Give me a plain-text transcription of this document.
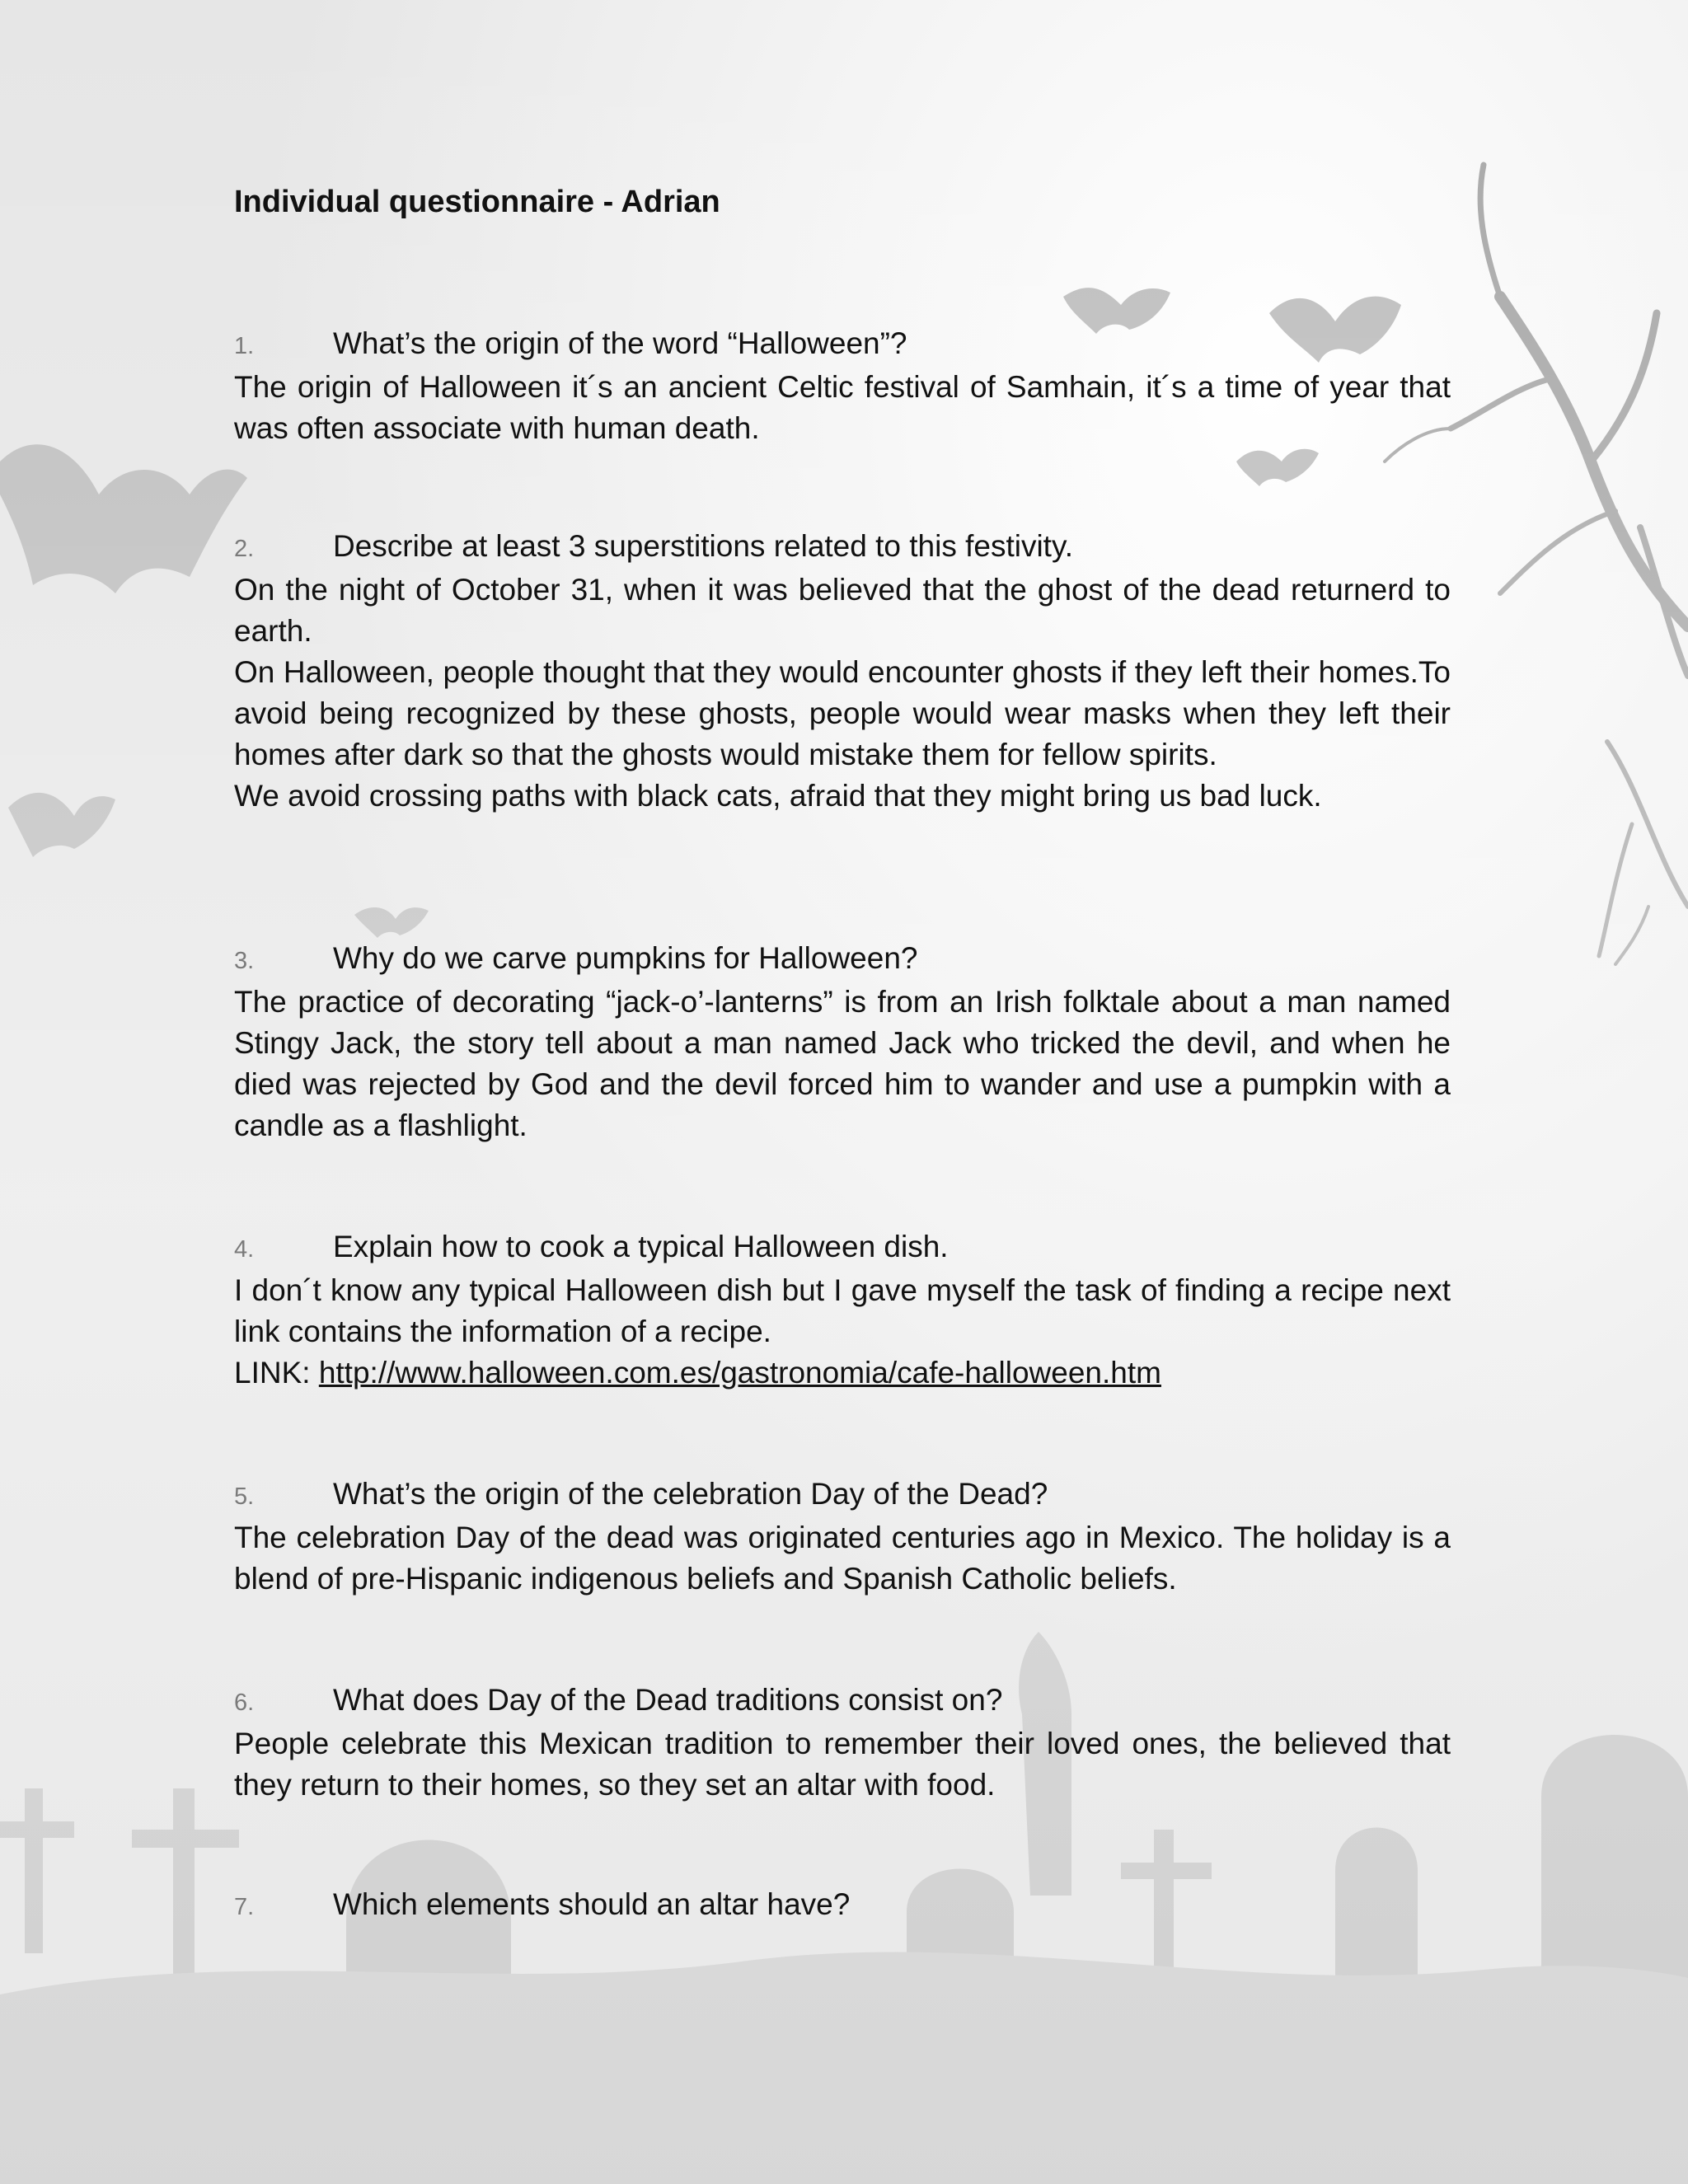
Individual questionnaire - Adrian
1.	What’s the origin of the word “Halloween”?

The origin of Halloween it´s an ancient Celtic festival of Samhain, it´s a time of year that was often associate with human death.

2.	Describe at least 3 superstitions related to this festivity.

On the night of October 31, when it was believed that the ghost of the dead returnerd to earth.

On Halloween, people thought that they would encounter ghosts if they left their homes.To avoid being recognized by these ghosts, people would wear masks when they left their homes after dark so that the ghosts would mistake them for fellow spirits.

We avoid crossing paths with black cats, afraid that they might bring us bad luck.

3.	Why do we carve pumpkins for Halloween?

The practice of decorating “jack-o’-lanterns” is from an Irish folktale about a man named Stingy Jack, the story tell about a man named Jack who tricked the devil, and when he died was rejected by God and the devil forced him to wander and use a pumpkin with a candle as a flashlight.

4.	Explain how to cook a typical Halloween dish.

I don´t know any typical Halloween dish but I gave myself the task of finding a recipe next link contains the information of a recipe.

LINK: http://www.halloween.com.es/gastronomia/cafe-halloween.htm

5.	What’s the origin of the celebration Day of the Dead?

The celebration Day of the dead was originated centuries ago in Mexico. The holiday is a blend of pre-Hispanic indigenous beliefs and Spanish Catholic beliefs.

6.	What does Day of the Dead traditions consist on?

People celebrate this Mexican tradition to remember their loved ones, the believed that they return to their homes, so they set an altar with food.

7.	Which elements should an altar have?
